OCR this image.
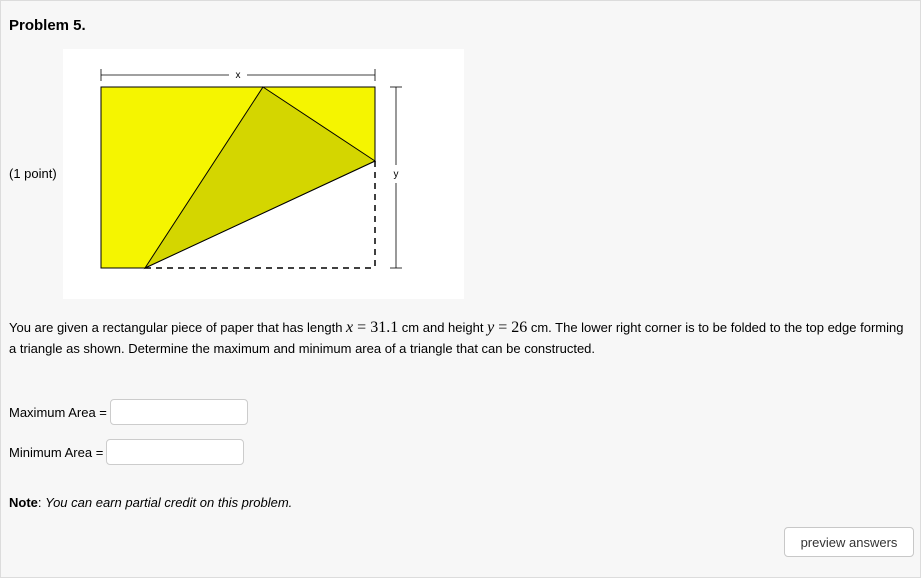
Problem 5.
(1 point)
x
y
You are given a rectangular piece of paper that has length x = 31.1 cm and height y = 26 cm. The lower right corner is to be folded to the top edge forming a triangle as shown. Determine the maximum and minimum area of a triangle that can be constructed.
Maximum Area =
Minimum Area =
Note: You can earn partial credit on this problem.
preview answers
